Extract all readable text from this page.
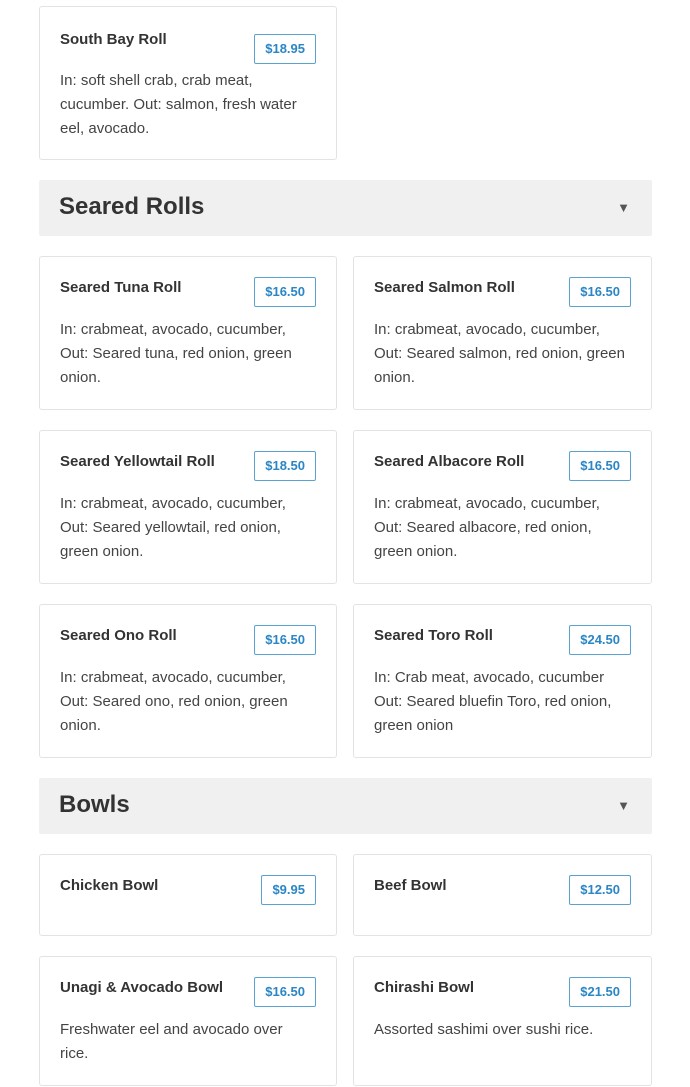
South Bay Roll
$18.95
In: soft shell crab, crab meat, cucumber. Out: salmon, fresh water eel, avocado.
Seared Rolls	▼
Seared Tuna Roll	$16.50
In: crabmeat, avocado, cucumber, Out: Seared tuna, red onion, green onion.
Seared Salmon Roll	$16.50
In: crabmeat, avocado, cucumber, Out: Seared salmon, red onion, green onion.
Seared Yellowtail Roll	$18.50
In: crabmeat, avocado, cucumber, Out: Seared yellowtail, red onion, green onion.
Seared Albacore Roll	$16.50
In: crabmeat, avocado, cucumber, Out: Seared albacore, red onion, green onion.
Seared Ono Roll	$16.50
In: crabmeat, avocado, cucumber, Out: Seared ono, red onion, green onion.
Seared Toro Roll	$24.50
In: Crab meat, avocado, cucumber Out: Seared bluefin Toro, red onion, green onion
Bowls	▼
Chicken Bowl	$9.95	Beef Bowl	$12.50
Unagi & Avocado Bowl	$16.50
Freshwater eel and avocado over rice.
Chirashi Bowl	$21.50
Assorted sashimi over sushi rice.
